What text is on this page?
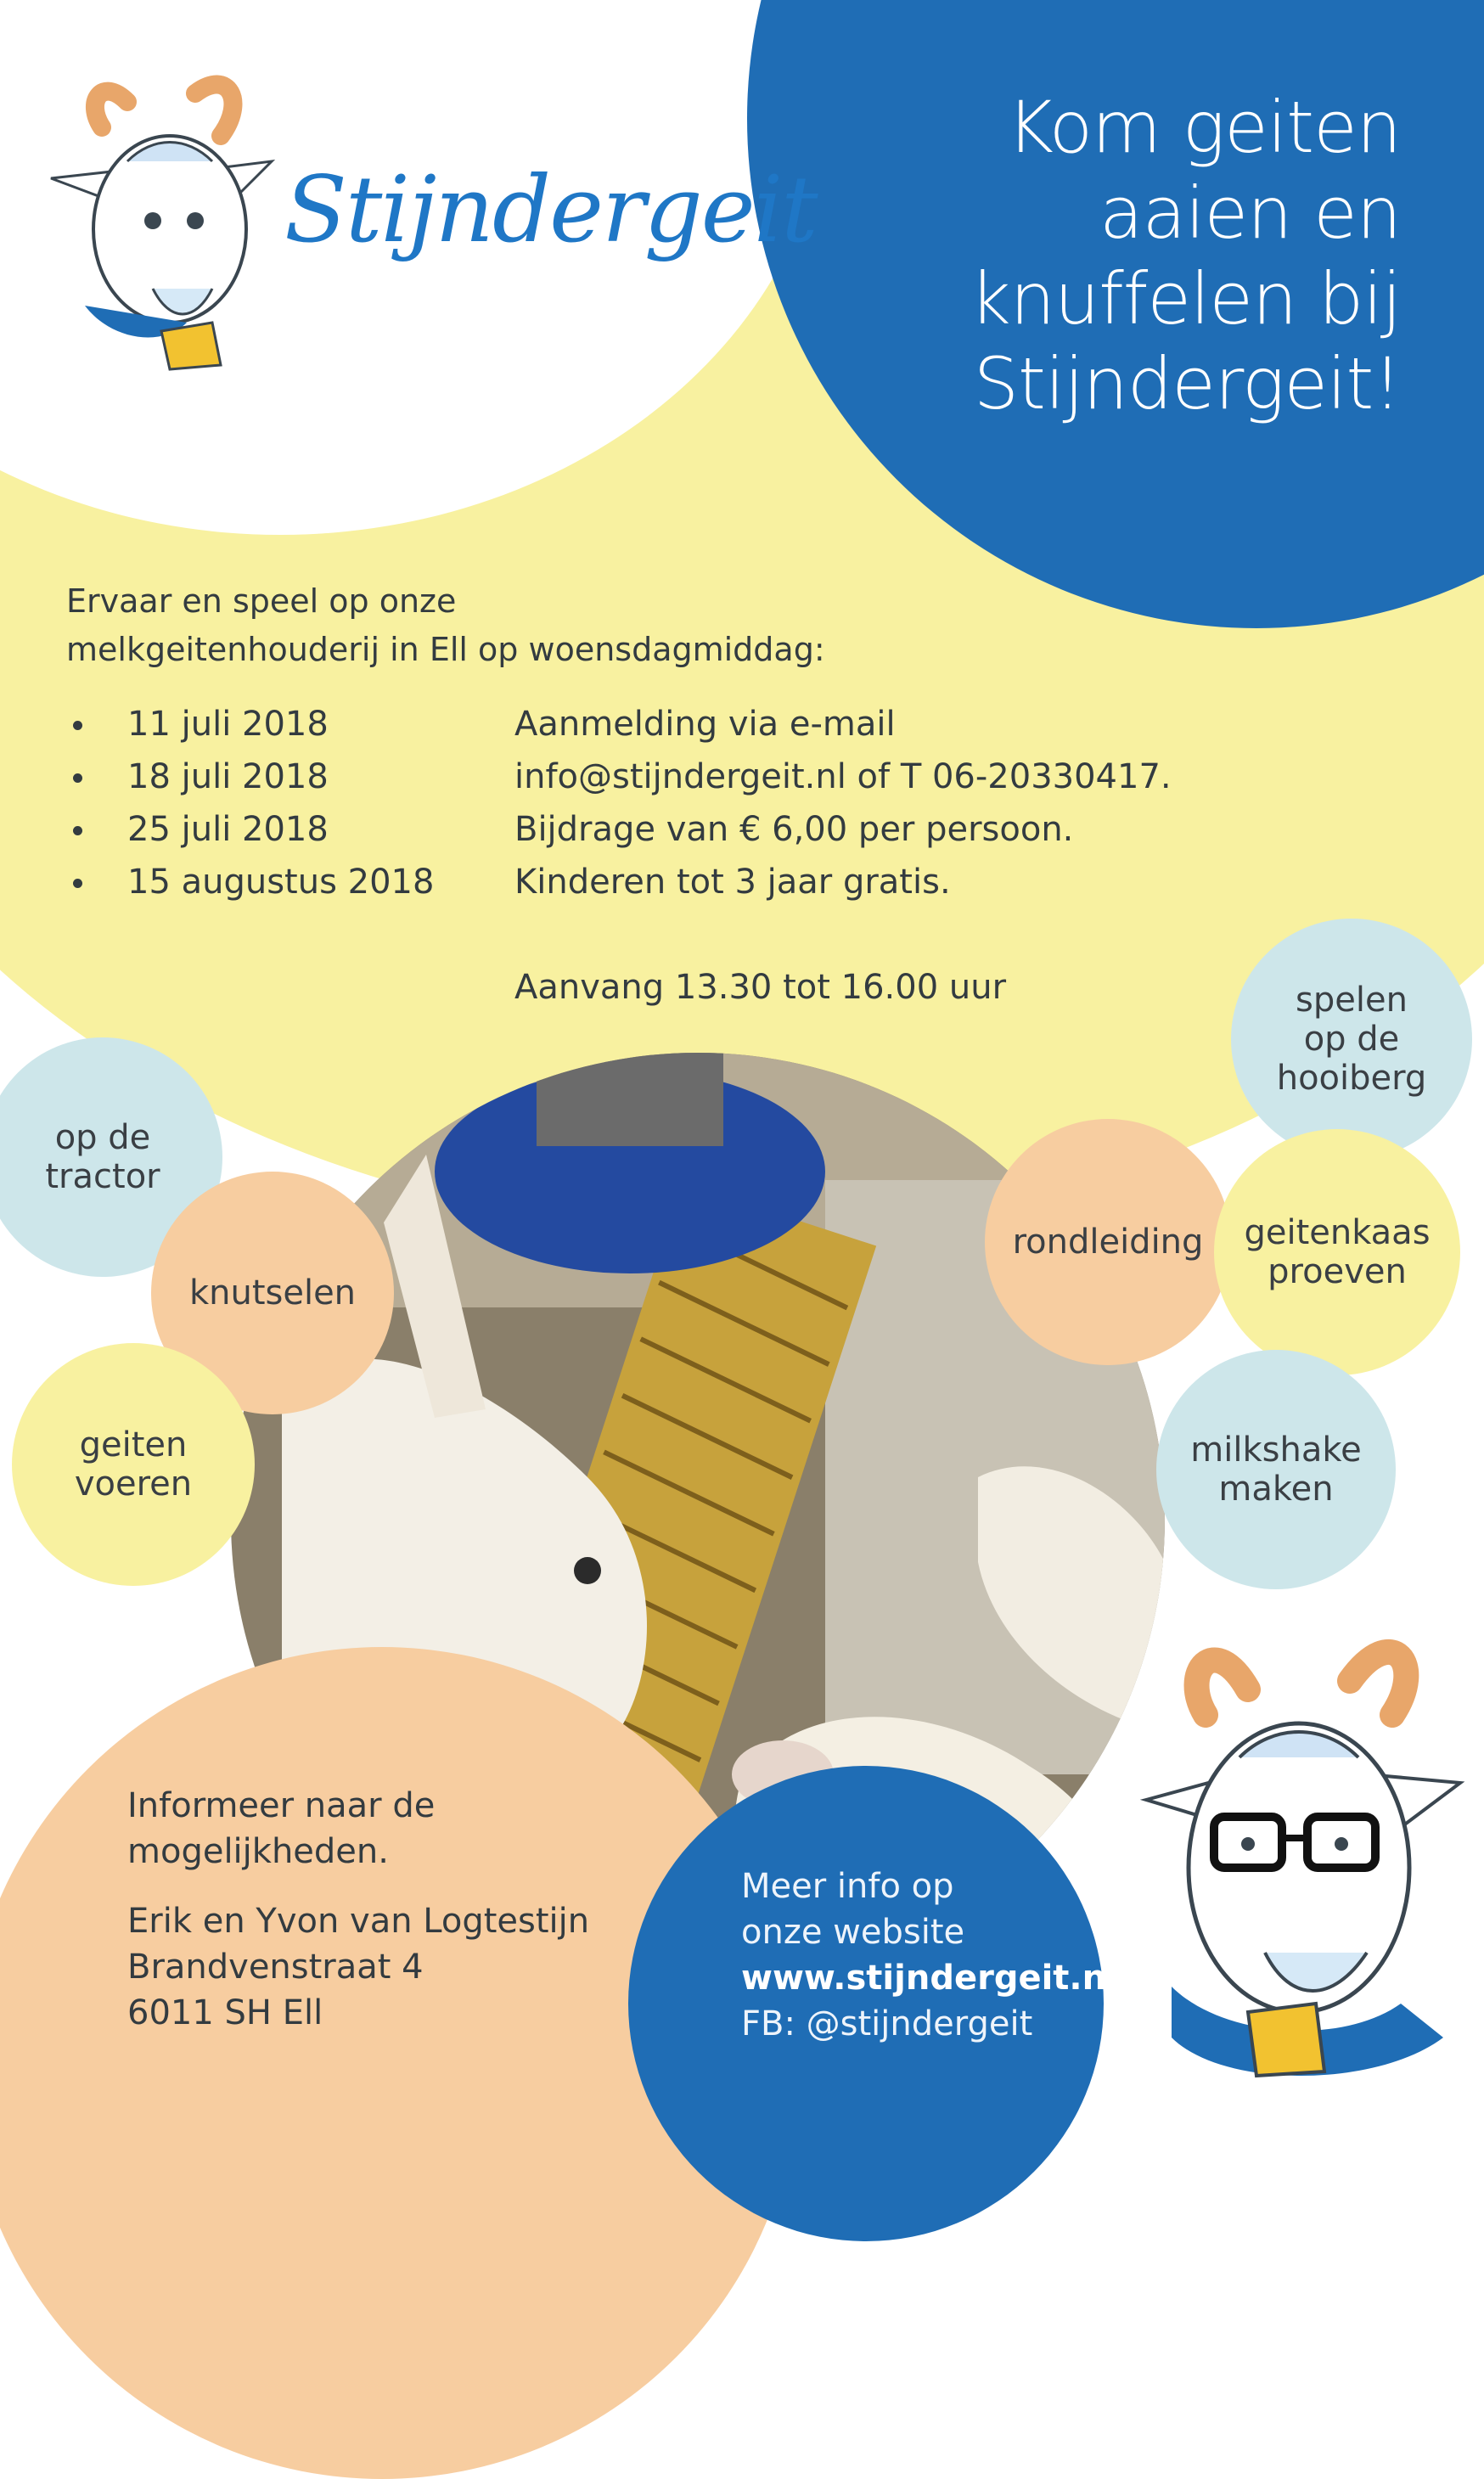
Stijndergeit
Kom geiten
aaien en
knuffelen bij
Stijndergeit!
Ervaar en speel op onze
melkgeitenhouderij in Ell op woensdagmiddag:
11 juli 2018
18 juli 2018
25 juli 2018
15 augustus 2018
Aanmelding via e-mail
info@stijndergeit.nl of T 06-20330417.
Bijdrage van € 6,00 per persoon.
Kinderen tot 3 jaar gratis.
Aanvang 13.30 tot 16.00 uur
op de
tractor
knutselen
geiten
voeren
rondleiding
spelen
op de
hooiberg
geitenkaas
proeven
milkshake
maken
Informeer naar de
mogelijkheden.
Erik en Yvon van Logtestijn
Brandvenstraat 4
6011 SH Ell
Meer info op
onze website
www.stijndergeit.nl
FB: @stijndergeit
